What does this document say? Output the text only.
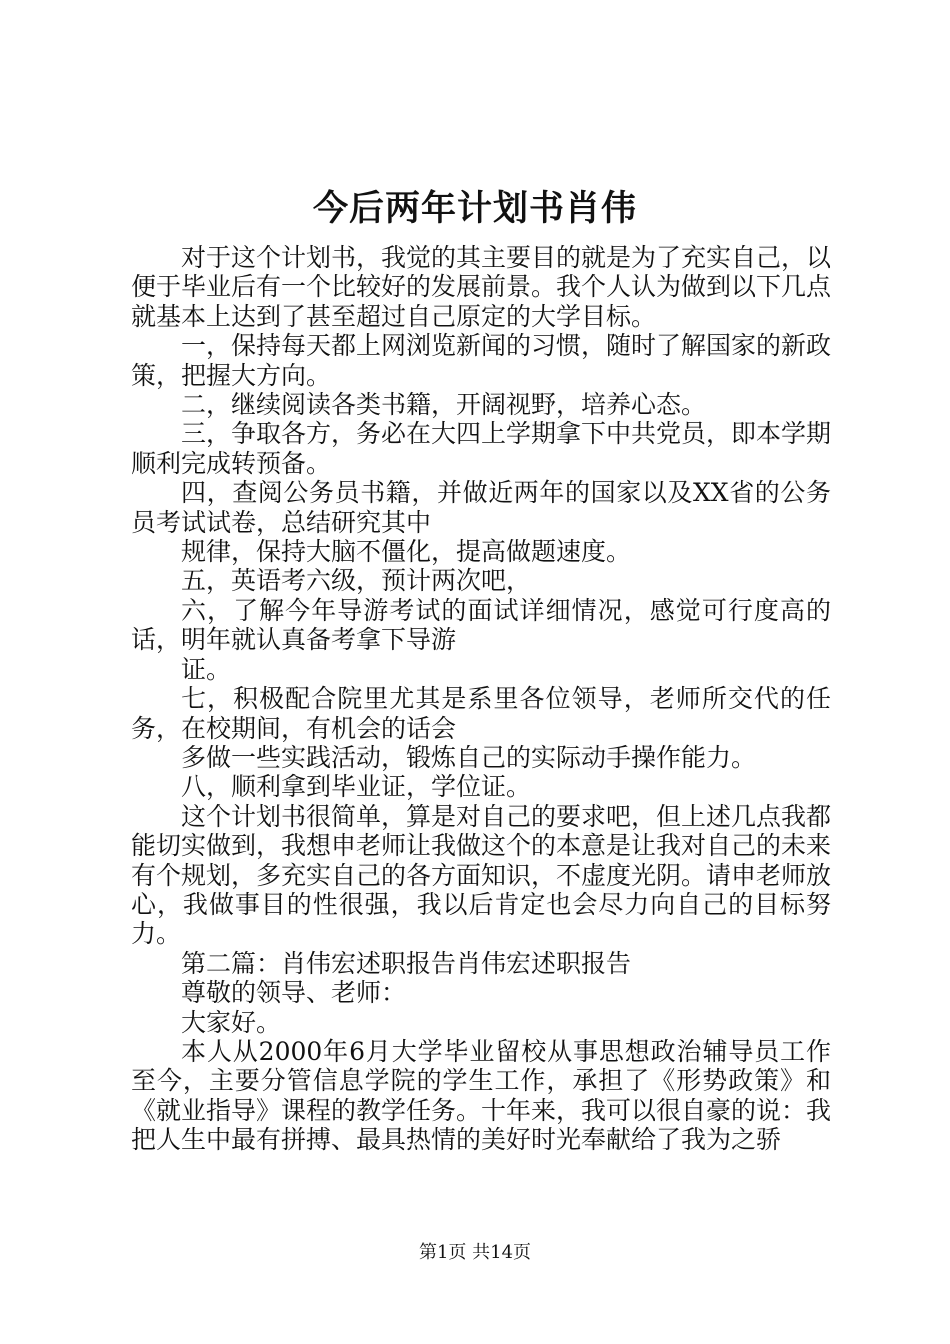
今后两年计划书肖伟

对于这个计划书，我觉的其主要目的就是为了充实自己，以便于毕业后有一个比较好的发展前景。我个人认为做到以下几点就基本上达到了甚至超过自己原定的大学目标。

一，保持每天都上网浏览新闻的习惯，随时了解国家的新政策，把握大方向。

二，继续阅读各类书籍，开阔视野，培养心态。

三，争取各方，务必在大四上学期拿下中共党员，即本学期顺利完成转预备。

四，查阅公务员书籍，并做近两年的国家以及XX省的公务员考试试卷，总结研究其中

规律，保持大脑不僵化，提高做题速度。

五，英语考六级，预计两次吧，

六，了解今年导游考试的面试详细情况，感觉可行度高的话，明年就认真备考拿下导游

证。

七，积极配合院里尤其是系里各位领导，老师所交代的任务，在校期间，有机会的话会

多做一些实践活动，锻炼自己的实际动手操作能力。

八，顺利拿到毕业证，学位证。

这个计划书很简单，算是对自己的要求吧，但上述几点我都能切实做到，我想申老师让我做这个的本意是让我对自己的未来有个规划，多充实自己的各方面知识，不虚度光阴。请申老师放心，我做事目的性很强，我以后肯定也会尽力向自己的目标努力。

第二篇：肖伟宏述职报告肖伟宏述职报告

尊敬的领导、老师：

大家好。

本人从2000年6月大学毕业留校从事思想政治辅导员工作至今，主要分管信息学院的学生工作，承担了《形势政策》和《就业指导》课程的教学任务。十年来，我可以很自豪的说：我把人生中最有拼搏、最具热情的美好时光奉献给了我为之骄

第1页 共14页
